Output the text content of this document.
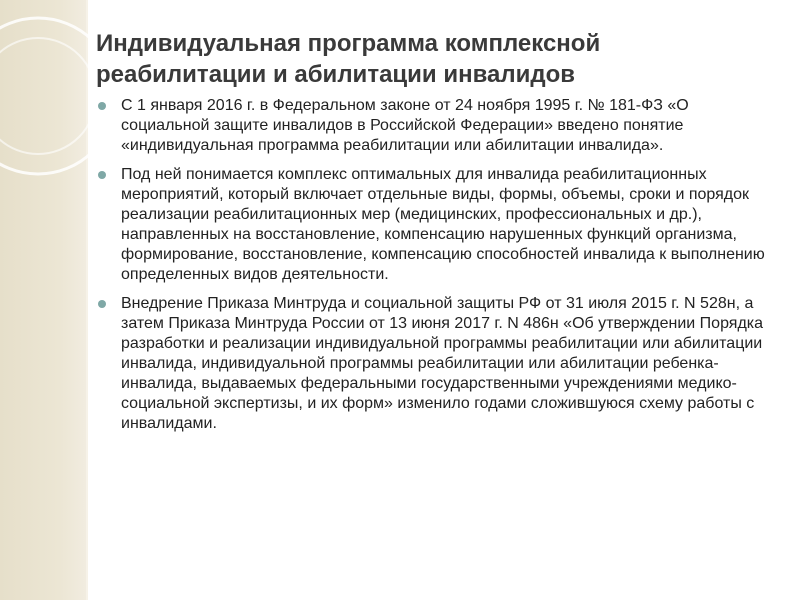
Индивидуальная программа комплексной реабилитации и абилитации инвалидов
С 1 января 2016 г. в Федеральном законе от 24 ноября 1995 г. № 181-ФЗ «О социальной защите инвалидов в Российской Федерации» введено понятие «индивидуальная программа реабилитации или абилитации инвалида».
Под ней понимается комплекс оптимальных для инвалида реабилитационных мероприятий, который включает отдельные виды, формы, объемы, сроки и порядок реализации реабилитационных мер (медицинских, профессиональных и др.), направленных на восстановление, компенсацию нарушенных функций организма, формирование, восстановление, компенсацию способностей инвалида к выполнению определенных видов деятельности.
Внедрение Приказа Минтруда и социальной защиты РФ от 31 июля 2015 г. N 528н, а затем Приказа Минтруда России от 13 июня 2017 г. N 486н «Об утверждении Порядка разработки и реализации индивидуальной программы реабилитации или абилитации инвалида, индивидуальной программы реабилитации или абилитации ребенка-инвалида, выдаваемых федеральными государственными учреждениями медико-социальной экспертизы, и их форм» изменило годами сложившуюся схему работы с инвалидами.
